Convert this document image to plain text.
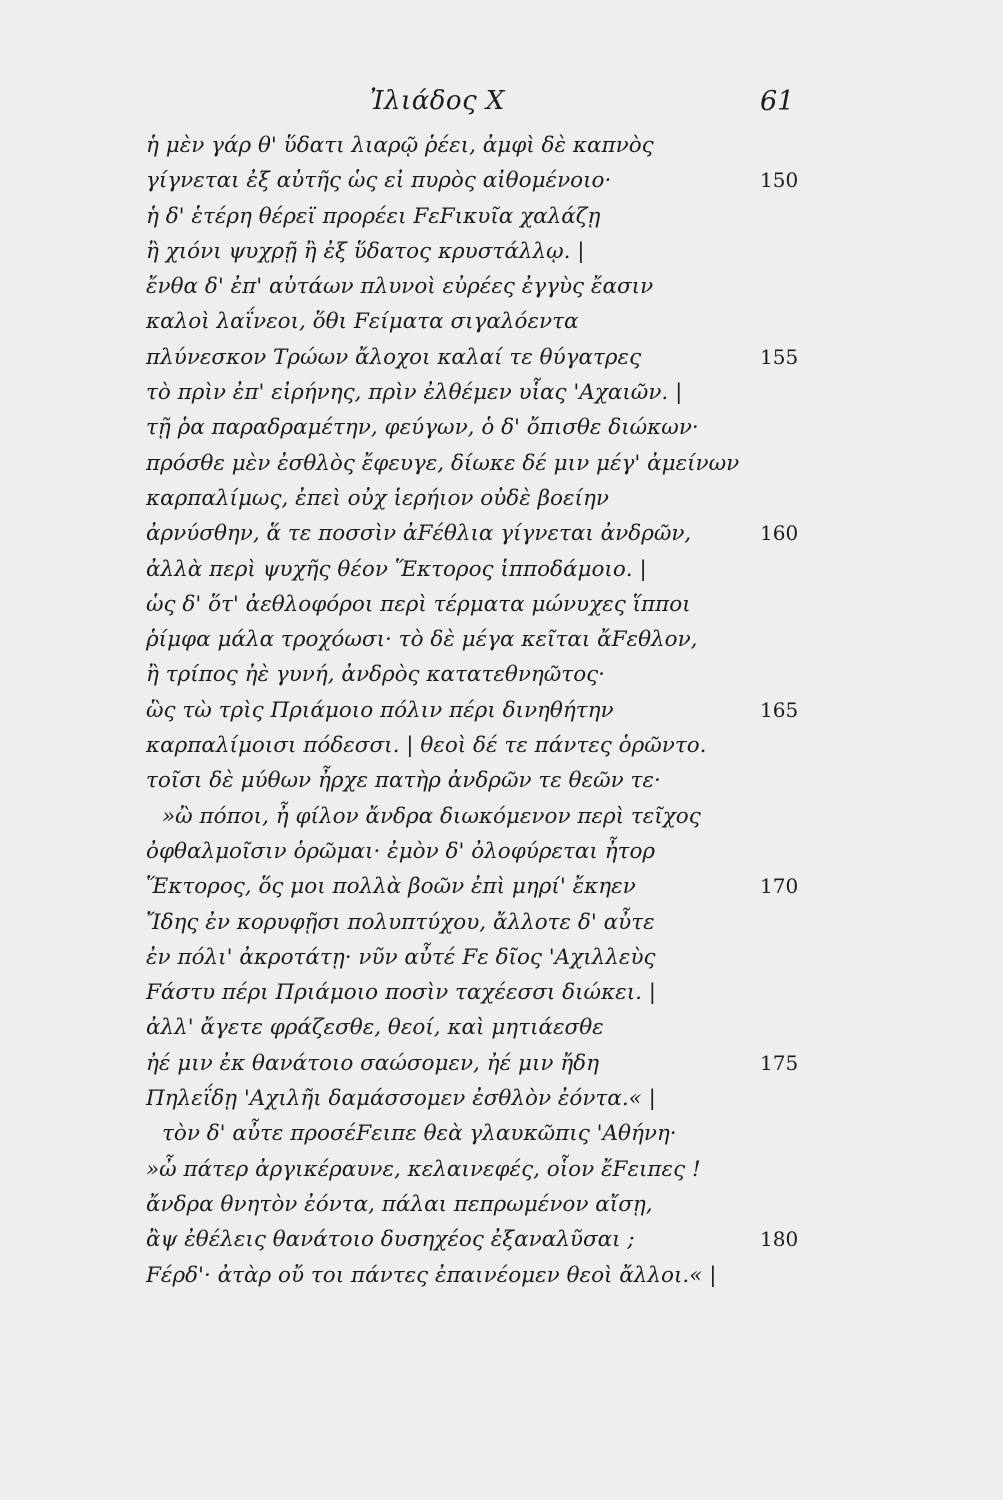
Ἰλιάδος Χ	61
ἡ μὲν γάρ θ' ὕδατι λιαρῷ ῥέει, ἀμφὶ δὲ καπνὸς
γίγνεται ἐξ αὐτῆς ὡς εἰ πυρὸς αἰθομένοιο·	150
ἡ δ' ἑτέρη θέρεϊ προρέει FεFικυῖα χαλάζῃ
ἢ χιόνι ψυχρῇ ἢ ἐξ ὕδατος κρυστάλλῳ. |
ἔνθα δ' ἐπ' αὐτάων πλυνοὶ εὐρέες ἐγγὺς ἔασιν
καλοὶ λαΐνεοι, ὅθι Fείματα σιγαλόεντα
πλύνεσκον Τρώων ἄλοχοι καλαί τε θύγατρες	155
τὸ πρὶν ἐπ' εἰρήνης, πρὶν ἐλθέμεν υἷας 'Αχαιῶν. |
τῇ ῥα παραδραμέτην, φεύγων, ὁ δ' ὄπισθε διώκων·
πρόσθε μὲν ἐσθλὸς ἔφευγε, δίωκε δέ μιν μέγ' ἀμείνων
καρπαλίμως, ἐπεὶ οὐχ ἱερήιον οὐδὲ βοείην
ἀρνύσθην, ἅ τε ποσσὶν ἀFέθλια γίγνεται ἀνδρῶν,	160
ἀλλὰ περὶ ψυχῆς θέον Ἕκτορος ἱπποδάμοιο. |
ὡς δ' ὅτ' ἀεθλοφόροι περὶ τέρματα μώνυχες ἵπποι
ῥίμφα μάλα τροχόωσι· τὸ δὲ μέγα κεῖται ἄFεθλον,
ἢ τρίπος ἠὲ γυνή, ἀνδρὸς κατατεθνηῶτος·
ὣς τὼ τρὶς Πριάμοιο πόλιν πέρι δινηθήτην	165
καρπαλίμοισι πόδεσσι. | θεοὶ δέ τε πάντες ὁρῶντο.
τοῖσι δὲ μύθων ἦρχε πατὴρ ἀνδρῶν τε θεῶν τε·
»ὢ πόποι, ἦ φίλον ἄνδρα διωκόμενον περὶ τεῖχος
ὀφθαλμοῖσιν ὁρῶμαι· ἐμὸν δ' ὀλοφύρεται ἦτορ
Ἕκτορος, ὅς μοι πολλὰ βοῶν ἐπὶ μηρί' ἔκηεν	170
Ἴδης ἐν κορυφῇσι πολυπτύχου, ἄλλοτε δ' αὖτε
ἐν πόλι' ἀκροτάτῃ· νῦν αὖτέ Fε δῖος 'Αχιλλεὺς
Fάστυ πέρι Πριάμοιο ποσὶν ταχέεσσι διώκει. |
ἀλλ' ἄγετε φράζεσθε, θεοί, καὶ μητιάεσθε
ἠέ μιν ἐκ θανάτοιο σαώσομεν, ἠέ μιν ἤδη	175
Πηλεΐδῃ 'Αχιλῆι δαμάσσομεν ἐσθλὸν ἐόντα.« |
τὸν δ' αὖτε προσέFειπε θεὰ γλαυκῶπις 'Αθήνη·
»ὦ πάτερ ἀργικέραυνε, κελαινεφές, οἷον ἔFειπες !
ἄνδρα θνητὸν ἐόντα, πάλαι πεπρωμένον αἴσῃ,
ἂψ ἐθέλεις θανάτοιο δυσηχέος ἐξαναλῦσαι ;	180
Fέρδ'· ἀτὰρ οὔ τοι πάντες ἐπαινέομεν θεοὶ ἄλλοι.« |
